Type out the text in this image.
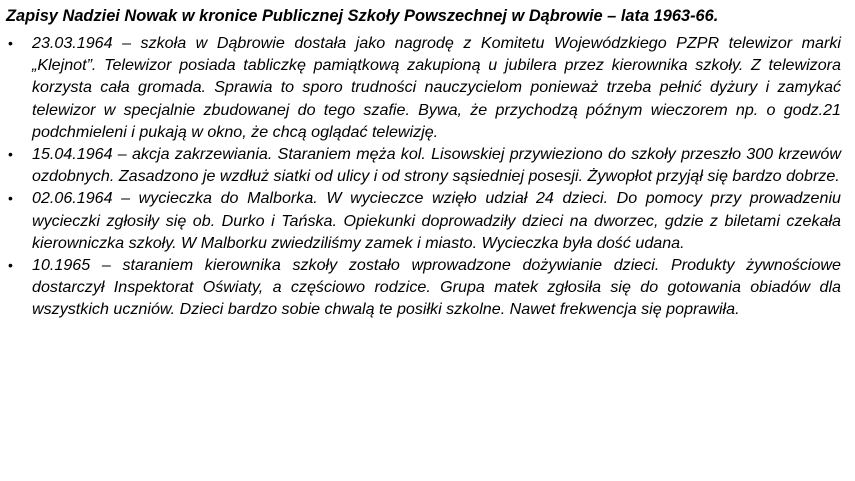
Zapisy Nadziei Nowak w kronice Publicznej Szkoły Powszechnej w Dąbrowie – lata 1963-66.
• 23.03.1964 – szkoła w Dąbrowie dostała jako nagrodę z Komitetu Wojewódzkiego PZPR telewizor marki „Klejnot”. Telewizor posiada tabliczkę pamiątkową zakupioną u jubilera przez kierownika szkoły. Z telewizora korzysta cała gromada. Sprawia to sporo trudności nauczycielom ponieważ trzeba pełnić dyżury i zamykać telewizor w specjalnie zbudowanej do tego szafie. Bywa, że przychodzą późnym wieczorem np. o godz.21 podchmieleni i pukają w okno, że chcą oglądać telewizję.
• 15.04.1964 – akcja zakrzewiania. Staraniem męża kol. Lisowskiej przywieziono do szkoły przeszło 300 krzewów ozdobnych. Zasadzono je wzdłuż siatki od ulicy i od strony sąsiedniej posesji. Żywopłot przyjął się bardzo dobrze.
• 02.06.1964 – wycieczka do Malborka. W wycieczce wzięło udział 24 dzieci. Do pomocy przy prowadzeniu wycieczki zgłosiły się ob. Durko i Tańska. Opiekunki doprowadziły dzieci na dworzec, gdzie z biletami czekała kierowniczka szkoły. W Malborku zwiedziliśmy zamek i miasto. Wycieczka była dość udana.
• 10.1965 – staraniem kierownika szkoły zostało wprowadzone dożywianie dzieci. Produkty żywnościowe dostarczył Inspektorat Oświaty, a częściowo rodzice. Grupa matek zgłosiła się do gotowania obiadów dla wszystkich uczniów. Dzieci bardzo sobie chwalą te posiłki szkolne. Nawet frekwencja się poprawiła.
